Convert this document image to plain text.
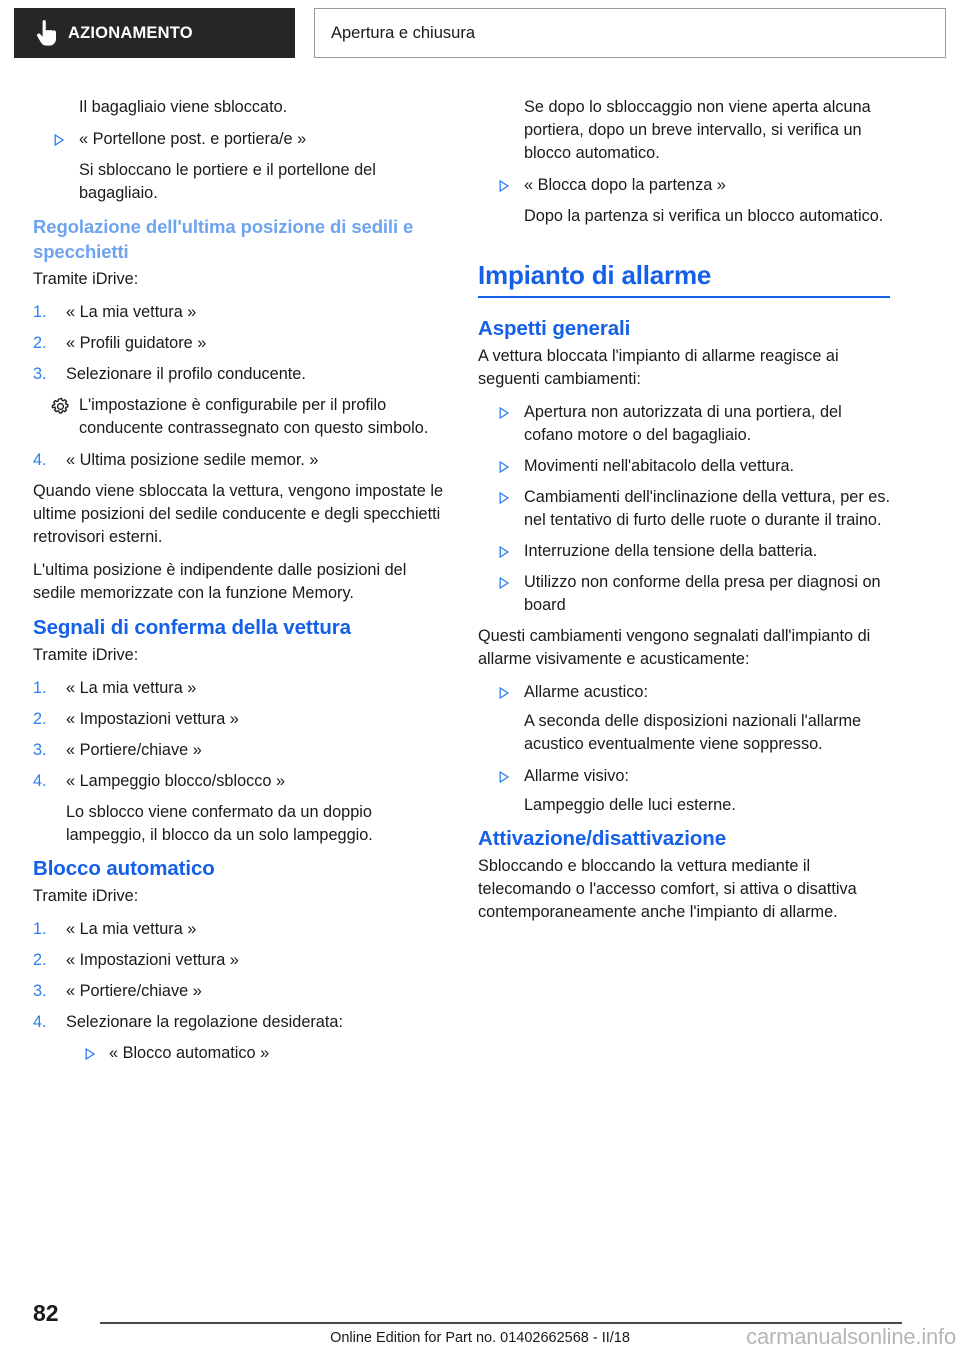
AZIONAMENTO	Apertura e chiusura

Il bagagliaio viene sbloccato.

« Portellone post. e portiera/e »

Si sbloccano le portiere e il portellone del bagagliaio.

Regolazione dell'ultima posizione di sedili e specchietti

Tramite iDrive:

1.	« La mia vettura »
2.	« Profili guidatore »
3.	Selezionare il profilo conducente.
L'impostazione è configurabile per il profilo conducente contrassegnato con questo simbolo.
4.	« Ultima posizione sedile memor. »

Quando viene sbloccata la vettura, vengono impostate le ultime posizioni del sedile conducente e degli specchietti retrovisori esterni.

L'ultima posizione è indipendente dalle posizioni del sedile memorizzate con la funzione Memory.

Segnali di conferma della vettura

Tramite iDrive:

1.	« La mia vettura »
2.	« Impostazioni vettura »
3.	« Portiere/chiave »
4.	« Lampeggio blocco/sblocco »

Lo sblocco viene confermato da un doppio lampeggio, il blocco da un solo lampeggio.

Blocco automatico

Tramite iDrive:

1.	« La mia vettura »
2.	« Impostazioni vettura »
3.	« Portiere/chiave »
4.	Selezionare la regolazione desiderata:
« Blocco automatico »

Se dopo lo sbloccaggio non viene aperta alcuna portiera, dopo un breve intervallo, si verifica un blocco automatico.

« Blocca dopo la partenza »

Dopo la partenza si verifica un blocco automatico.

Impianto di allarme
Aspetti generali

A vettura bloccata l'impianto di allarme reagisce ai seguenti cambiamenti:

Apertura non autorizzata di una portiera, del cofano motore o del bagagliaio.
Movimenti nell'abitacolo della vettura.
Cambiamenti dell'inclinazione della vettura, per es. nel tentativo di furto delle ruote o durante il traino.
Interruzione della tensione della batteria.
Utilizzo non conforme della presa per diagnosi on board

Questi cambiamenti vengono segnalati dall'impianto di allarme visivamente e acusticamente:

Allarme acustico:

A seconda delle disposizioni nazionali l'allarme acustico eventualmente viene soppresso.

Allarme visivo:

Lampeggio delle luci esterne.

Attivazione/disattivazione

Sbloccando e bloccando la vettura mediante il telecomando o l'accesso comfort, si attiva o disattiva contemporaneamente anche l'impianto di allarme.

82
Online Edition for Part no. 01402662568 - II/18	carmanualsonline.info
